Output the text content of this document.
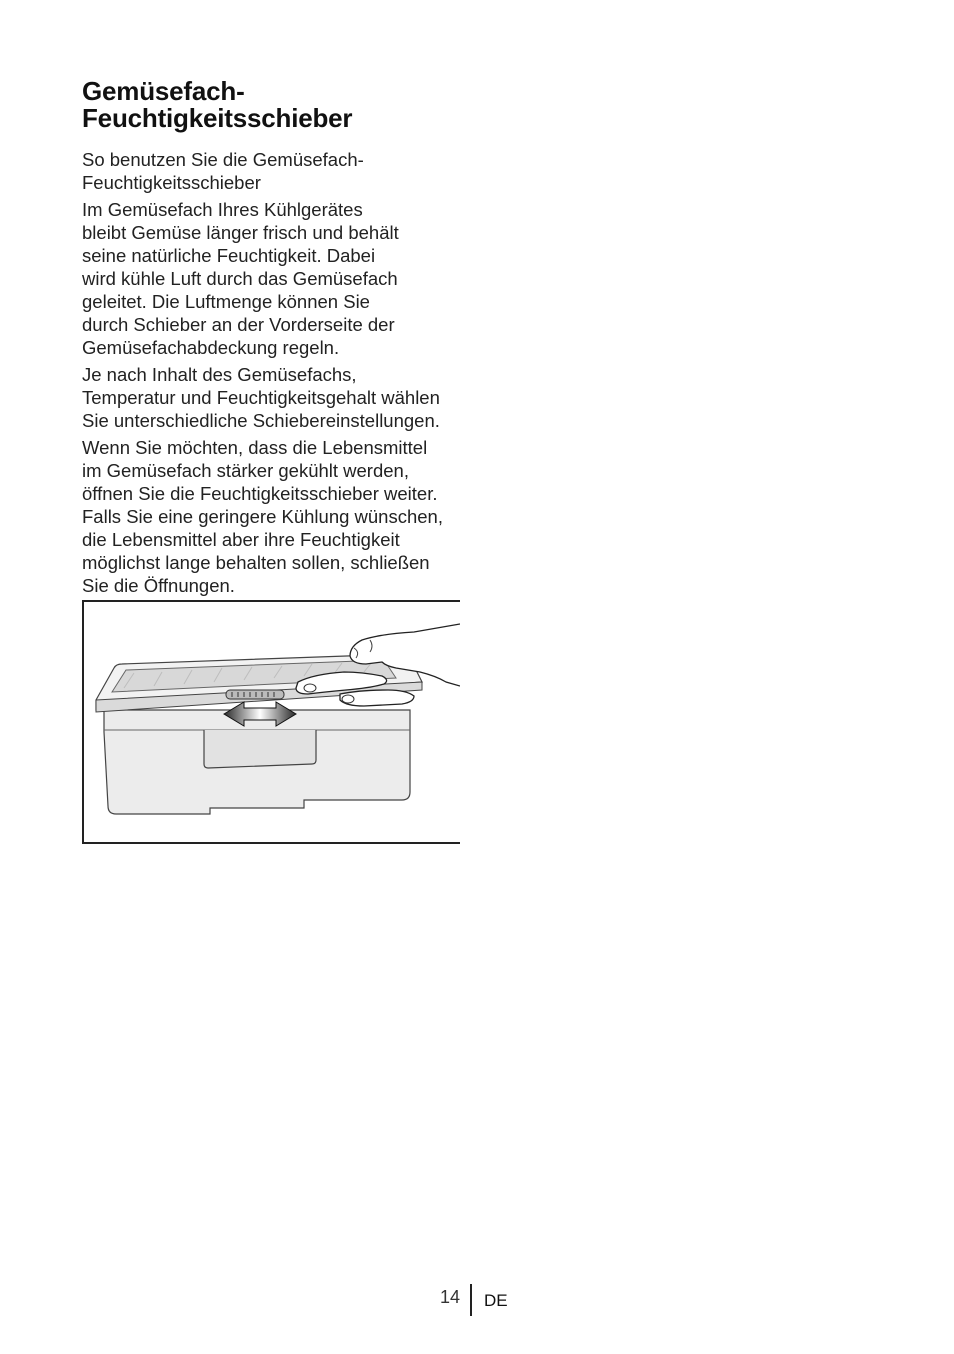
Gemüsefach-
Feuchtigkeitsschieber

So benutzen Sie die Gemüsefach-
Feuchtigkeitsschieber

Im Gemüsefach Ihres Kühlgerätes
bleibt Gemüse länger frisch und behält
seine natürliche Feuchtigkeit. Dabei
wird kühle Luft durch das Gemüsefach
geleitet. Die Luftmenge können Sie
durch Schieber an der Vorderseite der
Gemüsefachabdeckung regeln.

Je nach Inhalt des Gemüsefachs,
Temperatur und Feuchtigkeitsgehalt wählen
Sie unterschiedliche Schiebereinstellungen.

Wenn Sie möchten, dass die Lebensmittel
im Gemüsefach stärker gekühlt werden,
öffnen Sie die Feuchtigkeitsschieber weiter.
Falls Sie eine geringere Kühlung wünschen,
die Lebensmittel aber ihre Feuchtigkeit
möglichst lange behalten sollen, schließen
Sie die Öffnungen.

14 DE
